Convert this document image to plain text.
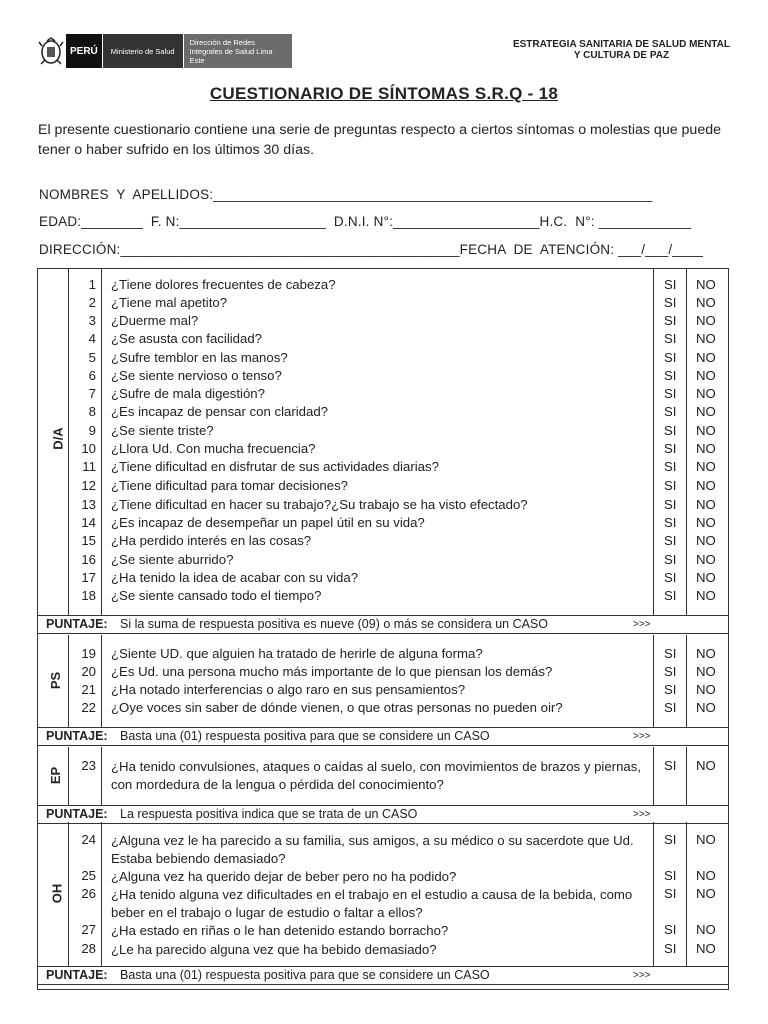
PERÚ	Ministerio de Salud
Dirección de Redes Integrales de Salud Lima Este
ESTRATEGIA SANITARIA DE SALUD MENTAL
Y CULTURA DE PAZ
CUESTIONARIO DE SÍNTOMAS S.R.Q - 18
El presente cuestionario contiene una serie de preguntas respecto a ciertos síntomas o molestias que puede tener o haber sufrido en los últimos 30 días.
NOMBRES  Y  APELLIDOS:_________________________________________________________
EDAD:________  F. N:___________________  D.N.I. N°:___________________H.C.  N°: ____________
DIRECCIÓN:____________________________________________FECHA  DE  ATENCIÓN: ___/___/____
D/A
1 ¿Tiene dolores frecuentes de cabeza?	SI NO
2 ¿Tiene mal apetito?	SI NO
3 ¿Duerme mal?	SI NO
4 ¿Se asusta con facilidad?	SI NO
5 ¿Sufre temblor en las manos?	SI NO
6 ¿Se siente nervioso o tenso?	SI NO
7 ¿Sufre de mala digestión?	SI NO
8 ¿Es incapaz de pensar con claridad?	SI NO
9 ¿Se siente triste?	SI NO
10 ¿Llora Ud. Con mucha frecuencia?	SI NO
11 ¿Tiene dificultad en disfrutar de sus actividades diarias?	SI NO
12 ¿Tiene dificultad para tomar decisiones?	SI NO
13 ¿Tiene dificultad en hacer su trabajo?¿Su trabajo se ha visto efectado?	SI NO
14 ¿Es incapaz de desempeñar un papel útil en su vida?	SI NO
15 ¿Ha perdido interés en las cosas?	SI NO
16 ¿Se siente aburrido?	SI NO
17 ¿Ha tenido la idea de acabar con su vida?	SI NO
18 ¿Se siente cansado todo el tiempo?	SI NO
PUNTAJE: Si la suma de respuesta positiva es nueve (09) o más se considera un CASO	>>>
PS
19 ¿Siente UD. que alguien ha tratado de herirle de alguna forma?	SI NO
20 ¿Es Ud. una persona mucho más importante de lo que piensan los demás?	SI NO
21 ¿Ha notado interferencias o algo raro en sus pensamientos?	SI NO
22 ¿Oye voces sin saber de dónde vienen, o que otras personas no pueden oir?	SI NO
PUNTAJE: Basta una (01) respuesta positiva para que se considere un CASO	>>>
EP
23 ¿Ha tenido convulsiones, ataques o caídas al suelo, con movimientos de brazos y piernas, con mordedura de la lengua o pérdida del conocimiento?
SI NO
PUNTAJE: La respuesta positiva indica que se trata de un CASO	>>>
OH
24 ¿Alguna vez le ha parecido a su familia, sus amigos, a su médico o su sacerdote que Ud. Estaba bebiendo demasiado?
SI NO
25 ¿Alguna vez ha querido dejar de beber pero no ha podido?	SI NO
26 ¿Ha tenido alguna vez dificultades en el trabajo en el estudio a causa de la bebida, como beber en el trabajo o lugar de estudio o faltar a ellos?
SI NO
27 ¿Ha estado en riñas o le han detenido estando borracho?	SI NO
28 ¿Le ha parecido alguna vez que ha bebido demasiado?	SI NO
PUNTAJE: Basta una (01) respuesta positiva para que se considere un CASO	>>>
